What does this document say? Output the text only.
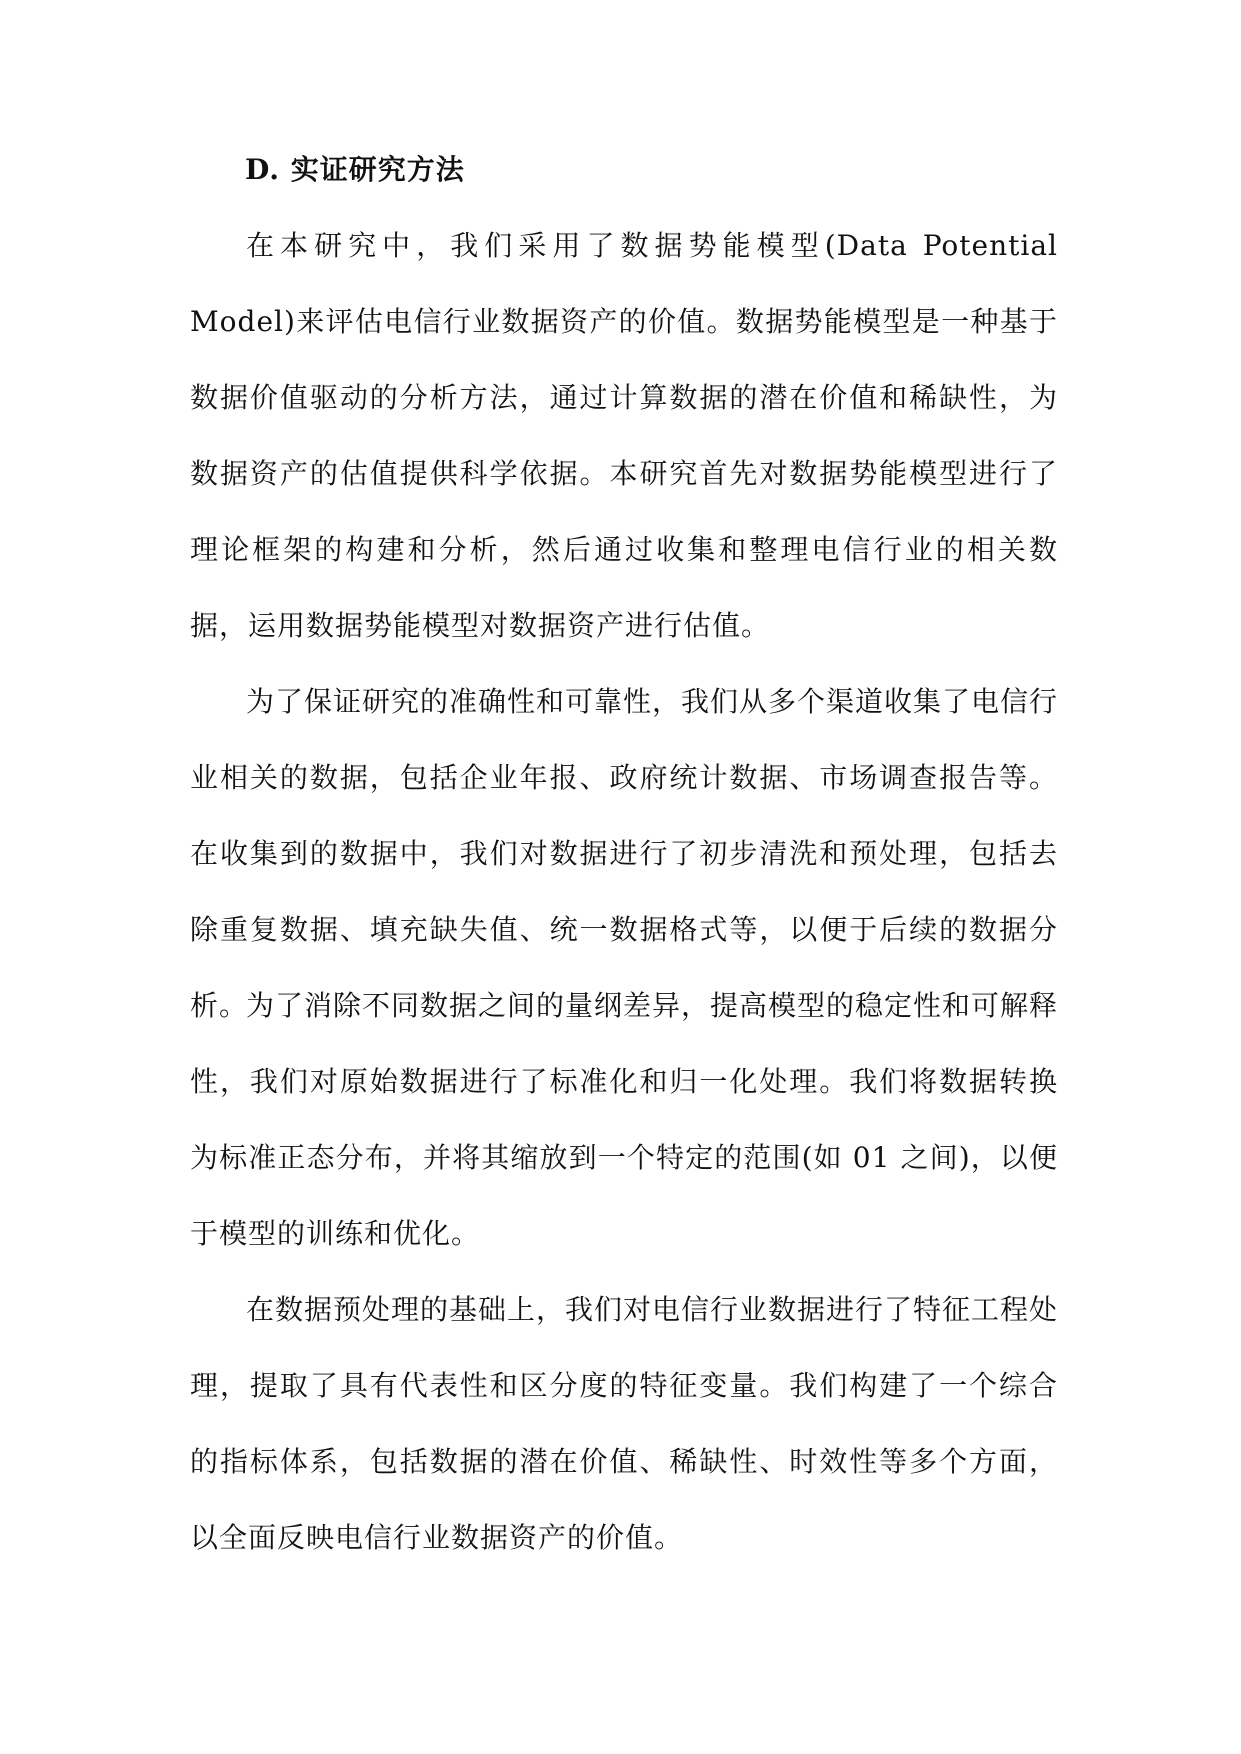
D. 实证研究方法

在本研究中，我们采用了数据势能模型(Data Potential Model)来评估电信行业数据资产的价值。数据势能模型是一种基于数据价值驱动的分析方法，通过计算数据的潜在价值和稀缺性，为数据资产的估值提供科学依据。本研究首先对数据势能模型进行了理论框架的构建和分析，然后通过收集和整理电信行业的相关数据，运用数据势能模型对数据资产进行估值。

为了保证研究的准确性和可靠性，我们从多个渠道收集了电信行业相关的数据，包括企业年报、政府统计数据、市场调查报告等。在收集到的数据中，我们对数据进行了初步清洗和预处理，包括去除重复数据、填充缺失值、统一数据格式等，以便于后续的数据分析。

为了消除不同数据之间的量纲差异，提高模型的稳定性和可解释性，我们对原始数据进行了标准化和归一化处理。我们将数据转换为标准正态分布，并将其缩放到一个特定的范围(如 01 之间)，以便于模型的训练和优化。

在数据预处理的基础上，我们对电信行业数据进行了特征工程处理，提取了具有代表性和区分度的特征变量。我们构建了一个综合的指标体系，包括数据的潜在价值、稀缺性、时效性等多个方面，以全面反映电信行业数据资产的价值。
